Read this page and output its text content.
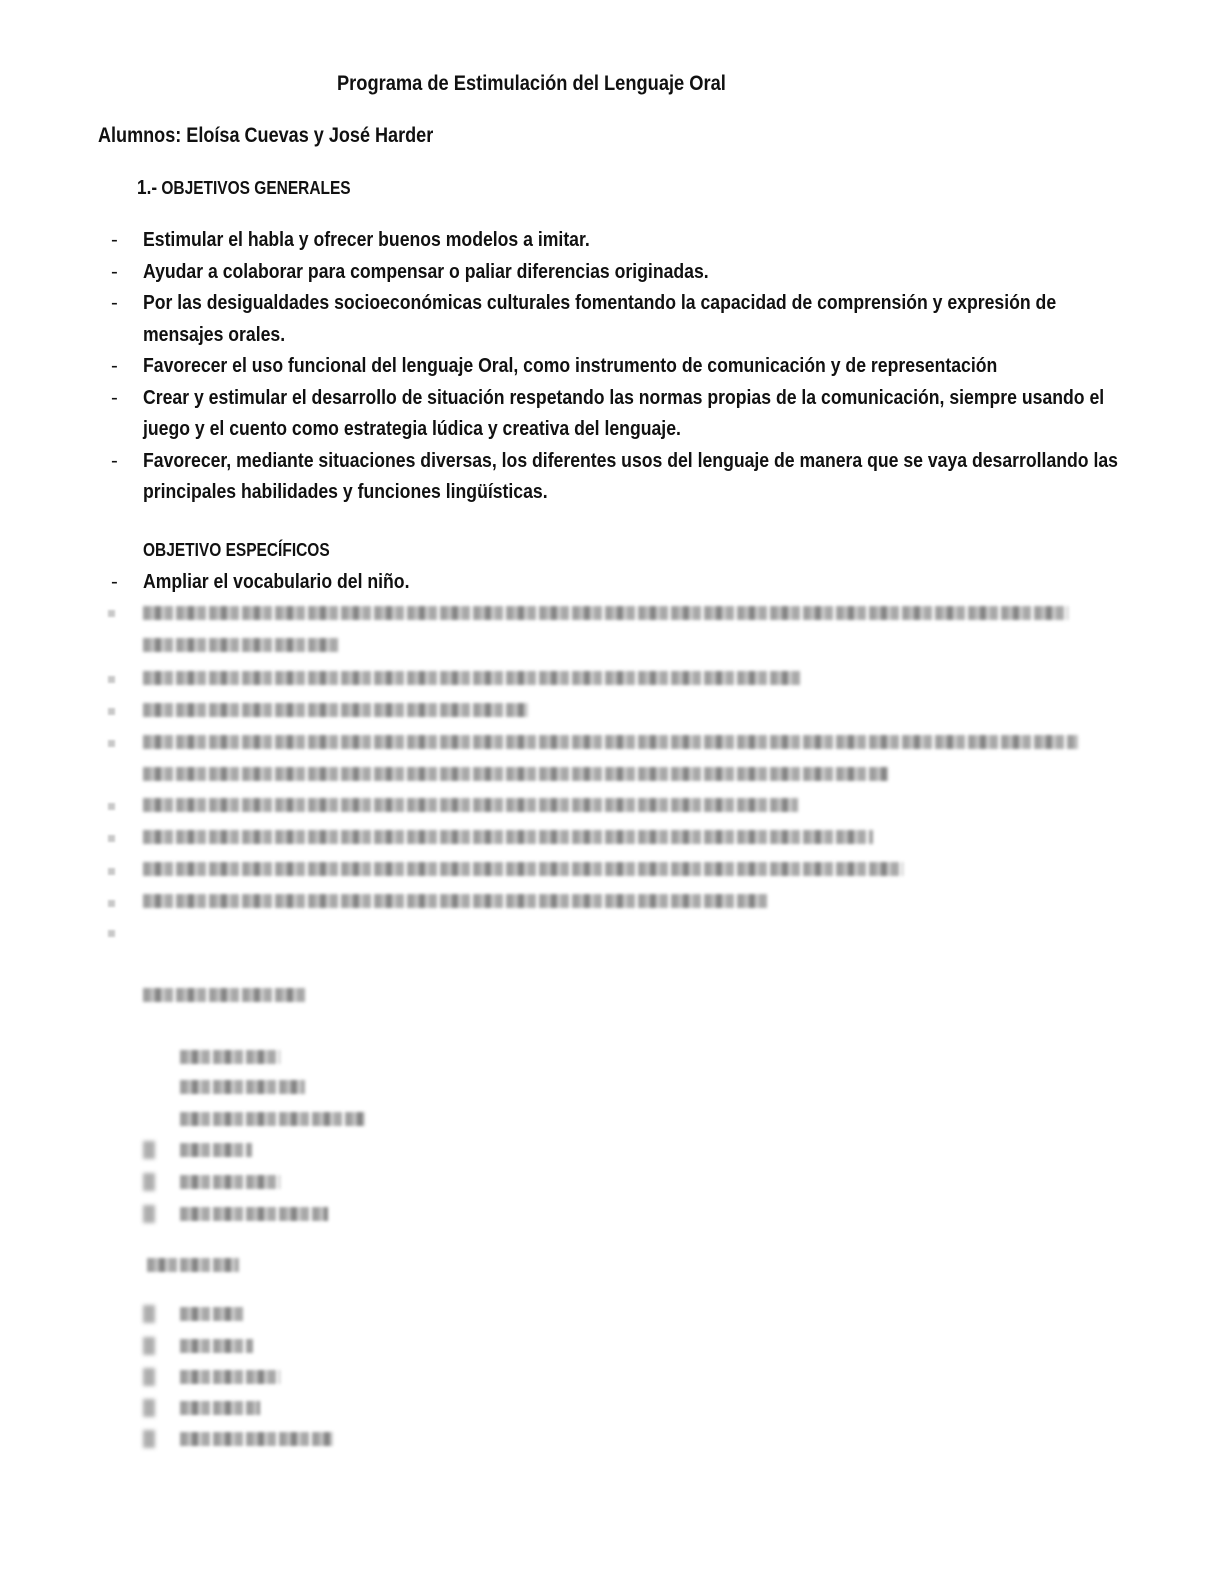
Programa de Estimulación del Lenguaje Oral
Alumnos: Eloísa Cuevas y José Harder
1.- OBJETIVOS GENERALES
- Estimular el habla y ofrecer buenos modelos a imitar.
- Ayudar a colaborar para compensar o paliar diferencias originadas.
- Por las desigualdades socioeconómicas culturales fomentando la capacidad de comprensión y expresión de mensajes orales.
- Favorecer el uso funcional del lenguaje Oral, como instrumento de comunicación y de representación
- Crear y estimular el desarrollo de situación respetando las normas propias de la comunicación, siempre usando el juego y el cuento como estrategia lúdica y creativa del lenguaje.
- Favorecer, mediante situaciones diversas, los diferentes usos del lenguaje de manera que se vaya desarrollando las principales habilidades y funciones lingüísticas.
OBJETIVO ESPECÍFICOS
- Ampliar el vocabulario del niño.
